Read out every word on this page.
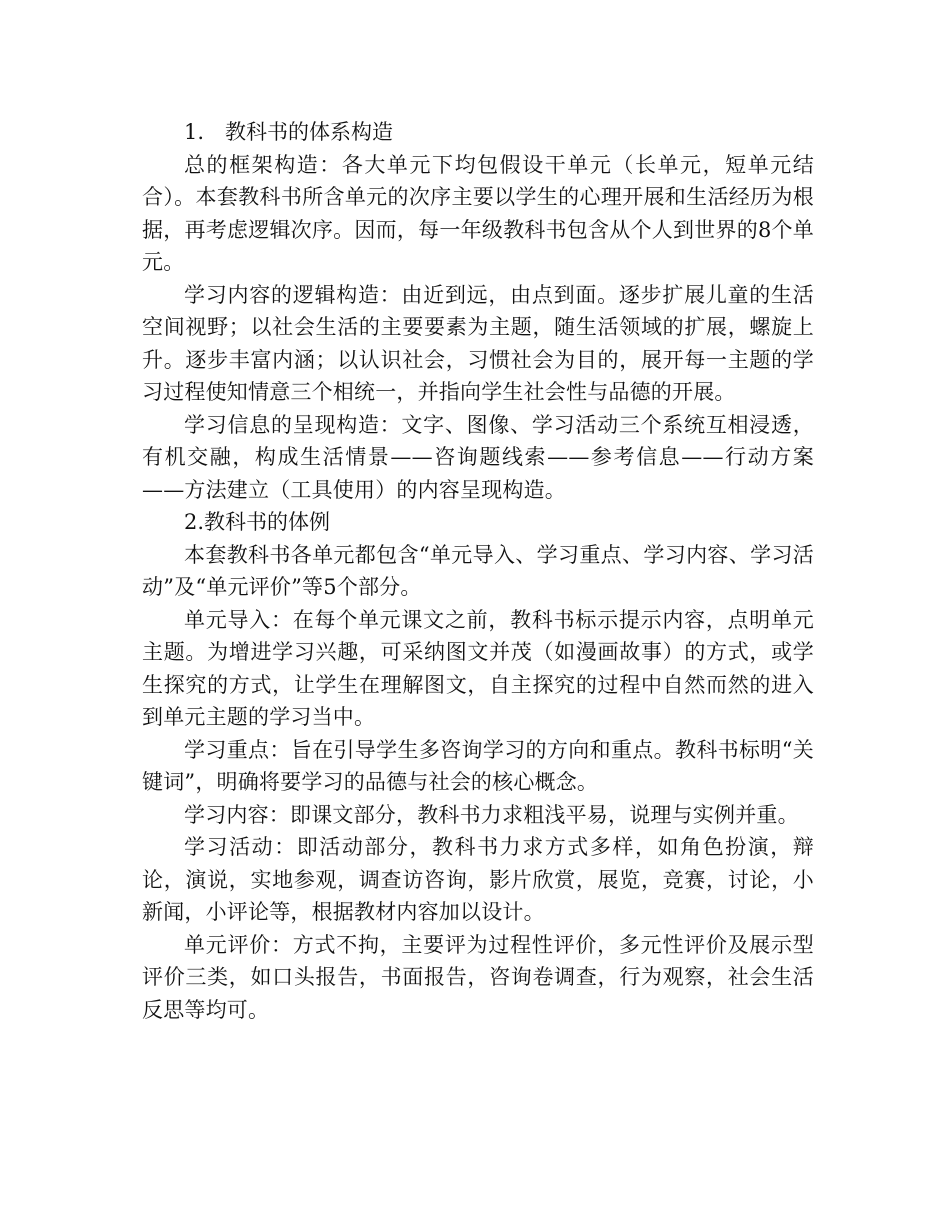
1.　教科书的体系构造

总的框架构造：各大单元下均包假设干单元（长单元，短单元结合）。本套教科书所含单元的次序主要以学生的心理开展和生活经历为根据，再考虑逻辑次序。因而，每一年级教科书包含从个人到世界的8个单元。

学习内容的逻辑构造：由近到远，由点到面。逐步扩展儿童的生活空间视野；以社会生活的主要要素为主题，随生活领域的扩展，螺旋上升。逐步丰富内涵；以认识社会，习惯社会为目的，展开每一主题的学习过程使知情意三个相统一，并指向学生社会性与品德的开展。

学习信息的呈现构造：文字、图像、学习活动三个系统互相浸透，有机交融，构成生活情景——咨询题线索——参考信息——行动方案——方法建立（工具使用）的内容呈现构造。

2.教科书的体例

本套教科书各单元都包含“单元导入、学习重点、学习内容、学习活动”及“单元评价”等5个部分。

单元导入：在每个单元课文之前，教科书标示提示内容，点明单元主题。为增进学习兴趣，可采纳图文并茂（如漫画故事）的方式，或学生探究的方式，让学生在理解图文，自主探究的过程中自然而然的进入到单元主题的学习当中。

学习重点：旨在引导学生多咨询学习的方向和重点。教科书标明“关键词”，明确将要学习的品德与社会的核心概念。

学习内容：即课文部分，教科书力求粗浅平易，说理与实例并重。

学习活动：即活动部分，教科书力求方式多样，如角色扮演，辩论，演说，实地参观，调查访咨询，影片欣赏，展览，竞赛，讨论，小新闻，小评论等，根据教材内容加以设计。

单元评价：方式不拘，主要评为过程性评价，多元性评价及展示型评价三类，如口头报告，书面报告，咨询卷调查，行为观察，社会生活反思等均可。
